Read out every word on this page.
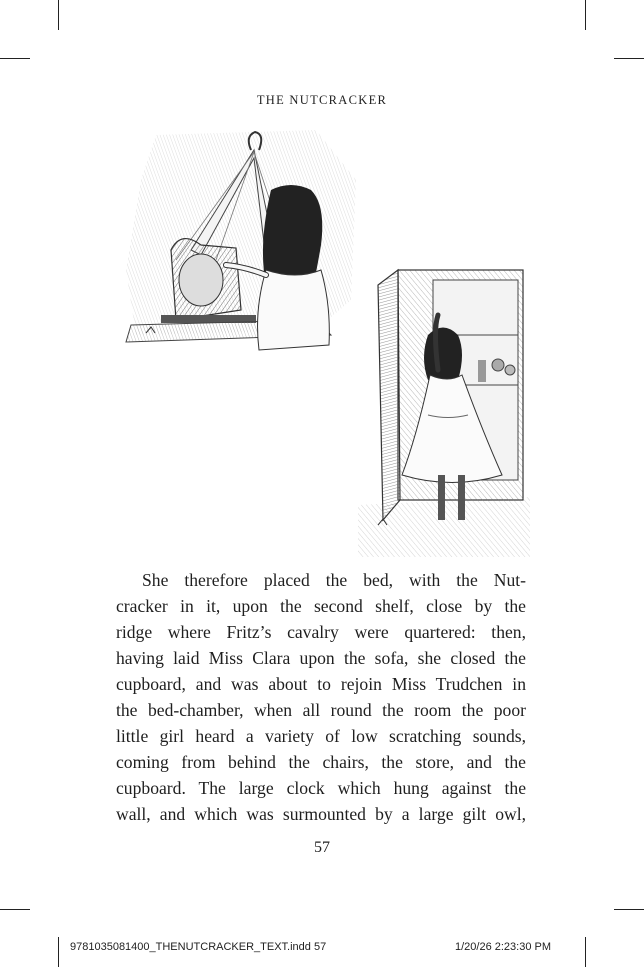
THE NUTCRACKER
She therefore placed the bed, with the Nut-
cracker in it, upon the second shelf, close by the
ridge where Fritz’s cavalry were quartered: then,
having laid Miss Clara upon the sofa, she closed the
cupboard, and was about to rejoin Miss Trudchen in
the bed-chamber, when all round the room the poor
little girl heard a variety of low scratching sounds,
coming from behind the chairs, the store, and the
cupboard. The large clock which hung against the
wall, and which was surmounted by a large gilt owl,
57
9781035081400_THENUTCRACKER_TEXT.indd 57	1/20/26 2:23:30 PM
